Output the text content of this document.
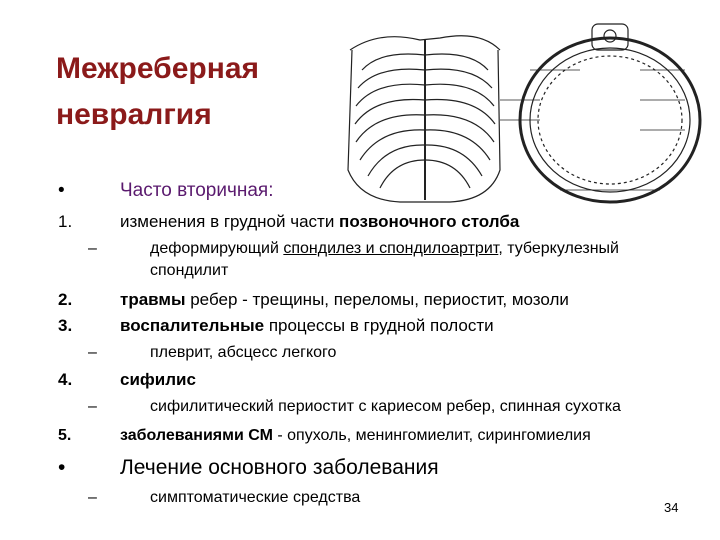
Межреберная
невралгия
•	Часто вторичная:
1.	изменения в грудной части позвоночного столба
–	деформирующий спондилез и спондилоартрит, туберкулезный
спондилит
2.	травмы ребер - трещины, переломы, периостит, мозоли
3.	воспалительные процессы в грудной полости
–	плеврит, абсцесс легкого
4.	сифилис
–	сифилитический периостит с кариесом ребер, спинная сухотка
5.	заболеваниями СМ - опухоль, менингомиелит, сирингомиелия
•	Лечение основного заболевания
–	симптоматические средства
34
